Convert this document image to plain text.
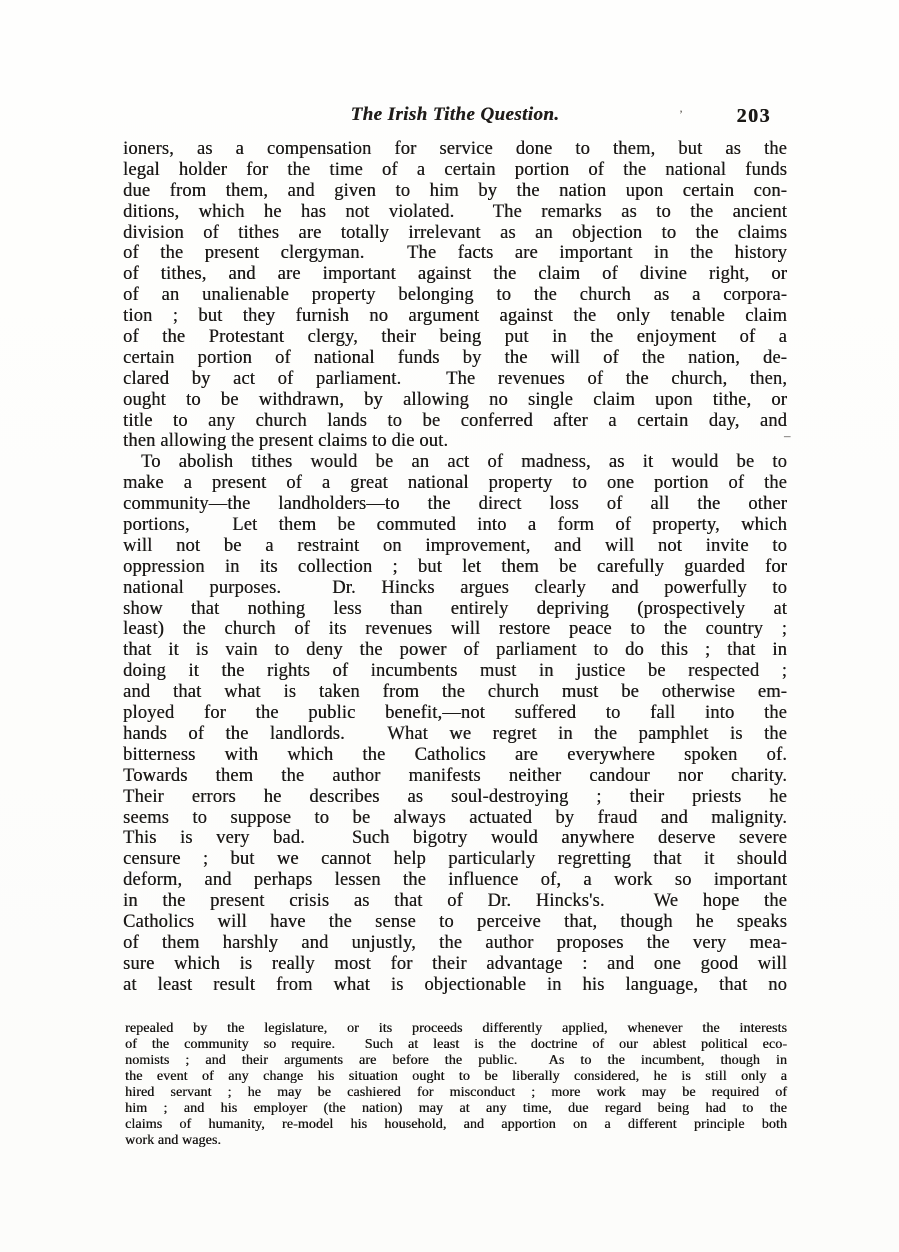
The Irish Tithe Question.	203
ioners, as a compensation for service done to them, but as the
legal holder for the time of a certain portion of the national funds
due from them, and given to him by the nation upon certain con-
ditions, which he has not violated.  The remarks as to the ancient
division of tithes are totally irrelevant as an objection to the claims
of the present clergyman.  The facts are important in the history
of tithes, and are important against the claim of divine right, or
of an unalienable property belonging to the church as a corpora-
tion ; but they furnish no argument against the only tenable claim
of the Protestant clergy, their being put in the enjoyment of a
certain portion of national funds by the will of the nation, de-
clared by act of parliament.  The revenues of the church, then,
ought to be withdrawn, by allowing no single claim upon tithe, or
title to any church lands to be conferred after a certain day, and
then allowing the present claims to die out.
To abolish tithes would be an act of madness, as it would be to
make a present of a great national property to one portion of the
community—the landholders—to the direct loss of all the other
portions,  Let them be commuted into a form of property, which
will not be a restraint on improvement, and will not invite to
oppression in its collection ; but let them be carefully guarded for
national purposes.  Dr. Hincks argues clearly and powerfully to
show that nothing less than entirely depriving (prospectively at
least) the church of its revenues will restore peace to the country ;
that it is vain to deny the power of parliament to do this ; that in
doing it the rights of incumbents must in justice be respected ;
and that what is taken from the church must be otherwise em-
ployed for the public benefit,—not suffered to fall into the
hands of the landlords.  What we regret in the pamphlet is the
bitterness with which the Catholics are everywhere spoken of.
Towards them the author manifests neither candour nor charity.
Their errors he describes as soul-destroying ; their priests he
seems to suppose to be always actuated by fraud and malignity.
This is very bad.  Such bigotry would anywhere deserve severe
censure ; but we cannot help particularly regretting that it should
deform, and perhaps lessen the influence of, a work so important
in the present crisis as that of Dr. Hincks's.  We hope the
Catholics will have the sense to perceive that, though he speaks
of them harshly and unjustly, the author proposes the very mea-
sure which is really most for their advantage : and one good will
at least result from what is objectionable in his language, that no
repealed by the legislature, or its proceeds differently applied, whenever the interests
of the community so require.  Such at least is the doctrine of our ablest political eco-
nomists ; and their arguments are before the public.  As to the incumbent, though in
the event of any change his situation ought to be liberally considered, he is still only a
hired servant ; he may be cashiered for misconduct ; more work may be required of
him ; and his employer (the nation) may at any time, due regard being had to the
claims of humanity, re-model his household, and apportion on a different principle both
work and wages.
–
’
